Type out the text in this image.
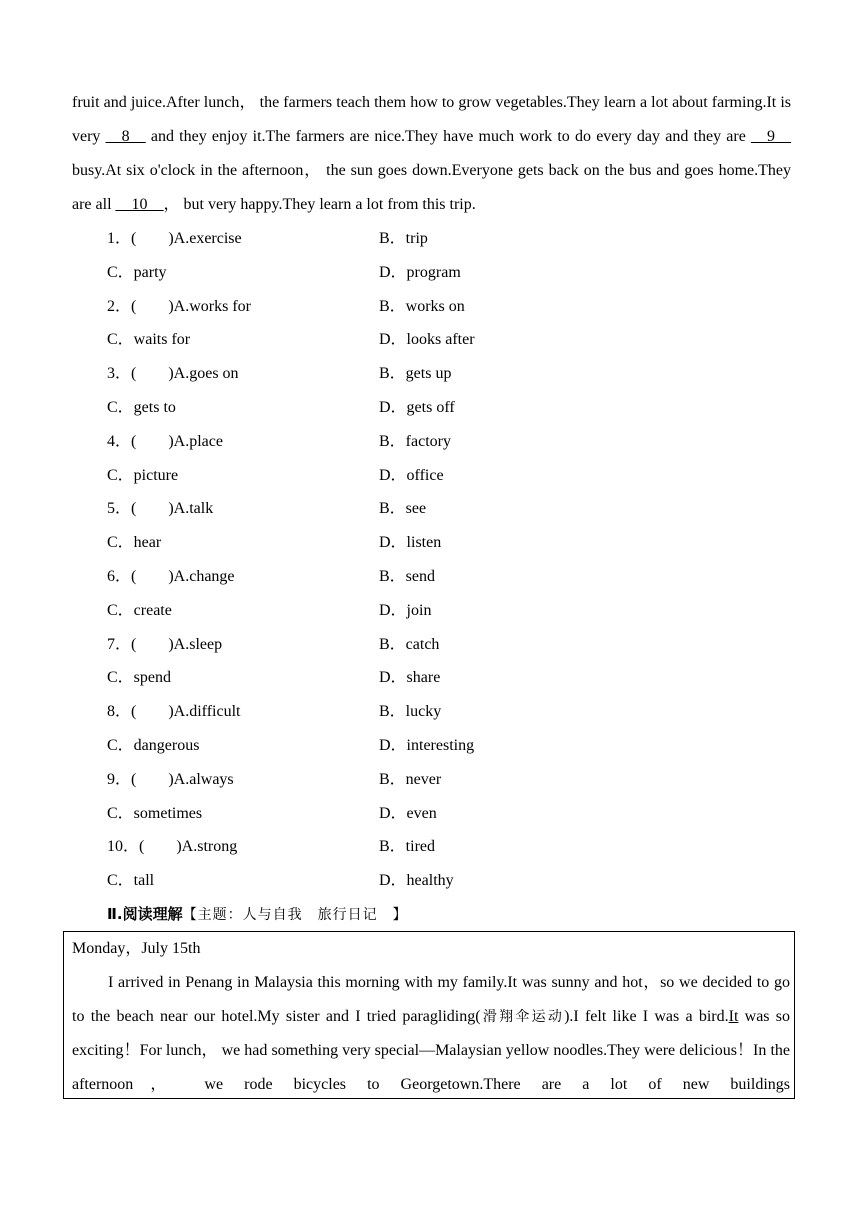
fruit and juice.After lunch， the farmers teach them how to grow vegetables.They learn a lot about farming.It is very __8__ and they enjoy it.The farmers are nice.They have much work to do every day and they are __9__ busy.At six o'clock in the afternoon， the sun goes down.Everyone gets back on the bus and goes home.They are all __10__， but very happy.They learn a lot from this trip.
1．(　　)A.exercise	B．trip
C．party	D．program
2．(　　)A.works for	B．works on
C．waits for	D．looks after
3．(　　)A.goes on	B．gets up
C．gets to	D．gets off
4．(　　)A.place	B．factory
C．picture	D．office
5．(　　)A.talk	B．see
C．hear	D．listen
6．(　　)A.change	B．send
C．create	D．join
7．(　　)A.sleep	B．catch
C．spend	D．share
8．(　　)A.difficult	B．lucky
C．dangerous	D．interesting
9．(　　)A.always	B．never
C．sometimes	D．even
10．(　　)A.strong	B．tired
C．tall	D．healthy
Ⅱ.阅读理解【主题：人与自我　旅行日记　】
Monday，July 15th
I arrived in Penang in Malaysia this morning with my family.It was sunny and hot，so we decided to go to the beach near our hotel.My sister and I tried paragliding(滑翔伞运动).I felt like I was a bird.It was so exciting！For lunch， we had something very special—Malaysian yellow noodles.They were delicious！In the afternoon， we rode bicycles to Georgetown.There are a lot of new buildings
